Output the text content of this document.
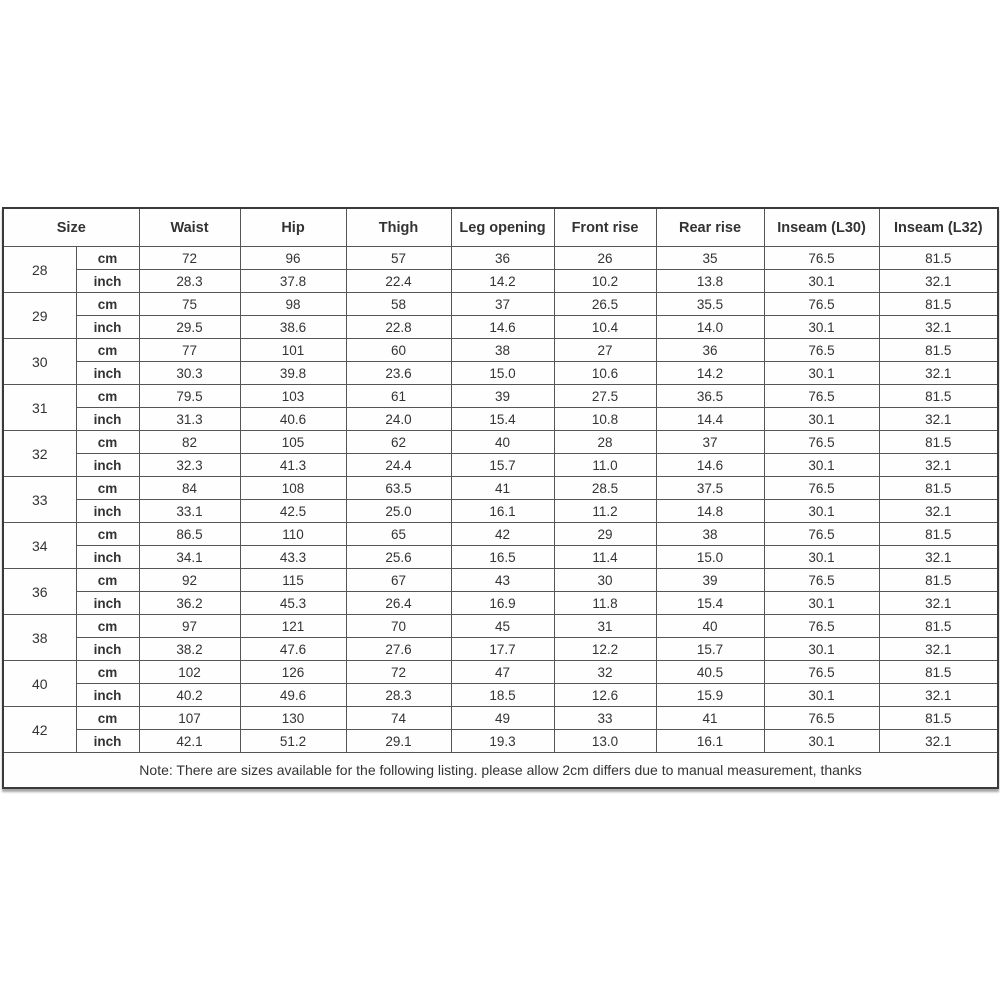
Size		Waist	Hip	Thigh	Leg opening	Front rise	Rear rise	Inseam (L30)	Inseam (L32)
28	cm	72	96	57	36	26	35	76.5	81.5
	inch	28.3	37.8	22.4	14.2	10.2	13.8	30.1	32.1
29	cm	75	98	58	37	26.5	35.5	76.5	81.5
	inch	29.5	38.6	22.8	14.6	10.4	14.0	30.1	32.1
30	cm	77	101	60	38	27	36	76.5	81.5
	inch	30.3	39.8	23.6	15.0	10.6	14.2	30.1	32.1
31	cm	79.5	103	61	39	27.5	36.5	76.5	81.5
	inch	31.3	40.6	24.0	15.4	10.8	14.4	30.1	32.1
32	cm	82	105	62	40	28	37	76.5	81.5
	inch	32.3	41.3	24.4	15.7	11.0	14.6	30.1	32.1
33	cm	84	108	63.5	41	28.5	37.5	76.5	81.5
	inch	33.1	42.5	25.0	16.1	11.2	14.8	30.1	32.1
34	cm	86.5	110	65	42	29	38	76.5	81.5
	inch	34.1	43.3	25.6	16.5	11.4	15.0	30.1	32.1
36	cm	92	115	67	43	30	39	76.5	81.5
	inch	36.2	45.3	26.4	16.9	11.8	15.4	30.1	32.1
38	cm	97	121	70	45	31	40	76.5	81.5
	inch	38.2	47.6	27.6	17.7	12.2	15.7	30.1	32.1
40	cm	102	126	72	47	32	40.5	76.5	81.5
	inch	40.2	49.6	28.3	18.5	12.6	15.9	30.1	32.1
42	cm	107	130	74	49	33	41	76.5	81.5
	inch	42.1	51.2	29.1	19.3	13.0	16.1	30.1	32.1
Note: There are sizes available for the following listing. please allow 2cm differs due to manual measurement, thanks									
